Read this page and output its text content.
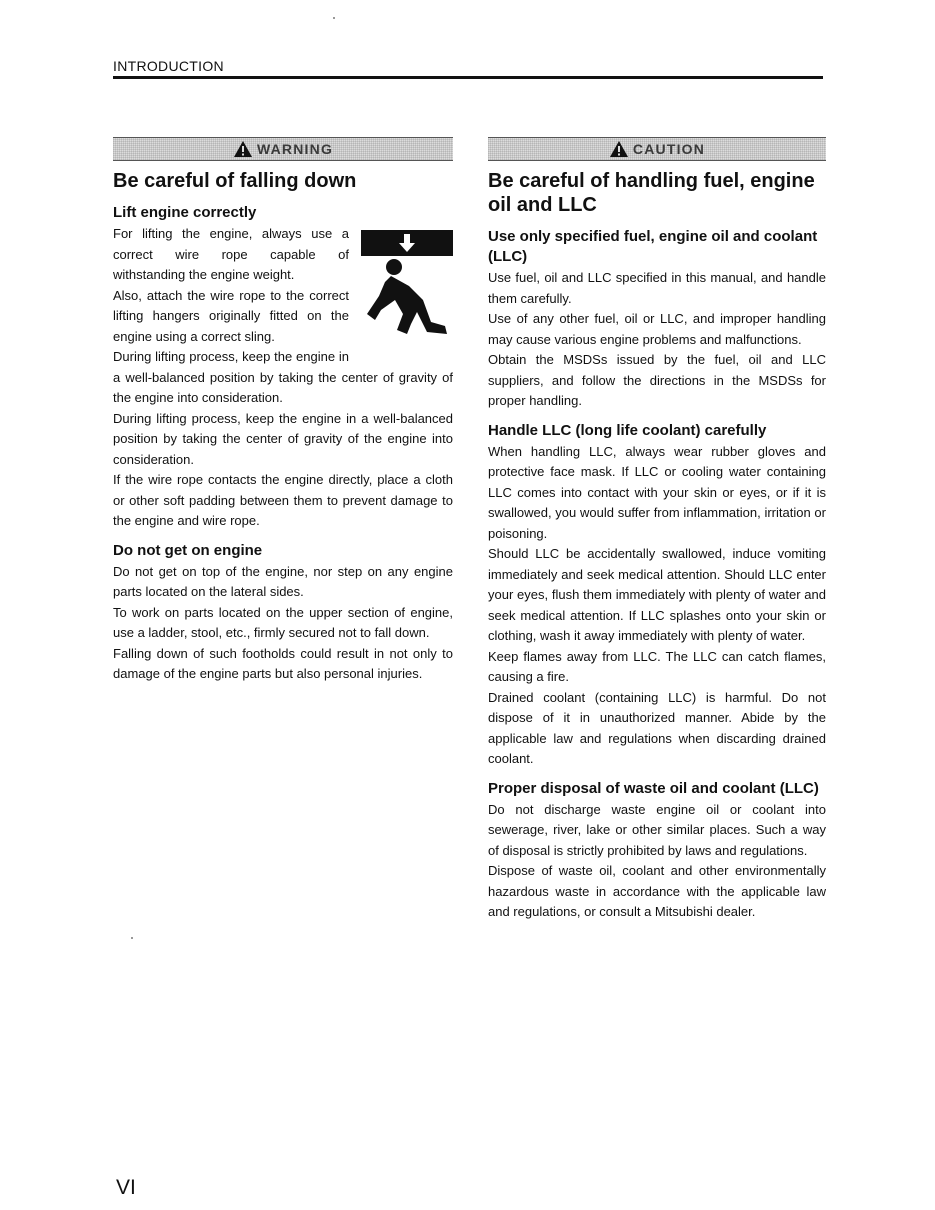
INTRODUCTION
WARNING
Be careful of falling down
Lift engine correctly

For lifting the engine, always use a correct wire rope capable of withstanding the engine weight.

Also, attach the wire rope to the correct lifting hangers originally fitted on the engine using a correct sling.

During lifting process, keep the engine in a well-balanced position by taking the center of gravity of the engine into consideration.

During lifting process, keep the engine in a well-balanced position by taking the center of gravity of the engine into consideration.

If the wire rope contacts the engine directly, place a cloth or other soft padding between them to prevent damage to the engine and wire rope.

Do not get on engine

Do not get on top of the engine, nor step on any engine parts located on the lateral sides.

To work on parts located on the upper section of engine, use a ladder, stool, etc., firmly secured not to fall down.

Falling down of such footholds could result in not only to damage of the engine parts but also personal injuries.

CAUTION
Be careful of handling fuel, engine oil and LLC
Use only specified fuel, engine oil and coolant (LLC)

Use fuel, oil and LLC specified in this manual, and handle them carefully.

Use of any other fuel, oil or LLC, and improper handling may cause various engine problems and malfunctions.

Obtain the MSDSs issued by the fuel, oil and LLC suppliers, and follow the directions in the MSDSs for proper handling.

Handle LLC (long life coolant) carefully

When handling LLC, always wear rubber gloves and protective face mask. If LLC or cooling water containing LLC comes into contact with your skin or eyes, or if it is swallowed, you would suffer from inflammation, irritation or poisoning.

Should LLC be accidentally swallowed, induce vomiting immediately and seek medical attention. Should LLC enter your eyes, flush them immediately with plenty of water and seek medical attention. If LLC splashes onto your skin or clothing, wash it away immediately with plenty of water.

Keep flames away from LLC. The LLC can catch flames, causing a fire.

Drained coolant (containing LLC) is harmful. Do not dispose of it in unauthorized manner. Abide by the applicable law and regulations when discarding drained coolant.

Proper disposal of waste oil and coolant (LLC)

Do not discharge waste engine oil or coolant into sewerage, river, lake or other similar places. Such a way of disposal is strictly prohibited by laws and regulations.

Dispose of waste oil, coolant and other environmentally hazardous waste in accordance with the applicable law and regulations, or consult a Mitsubishi dealer.

VI
